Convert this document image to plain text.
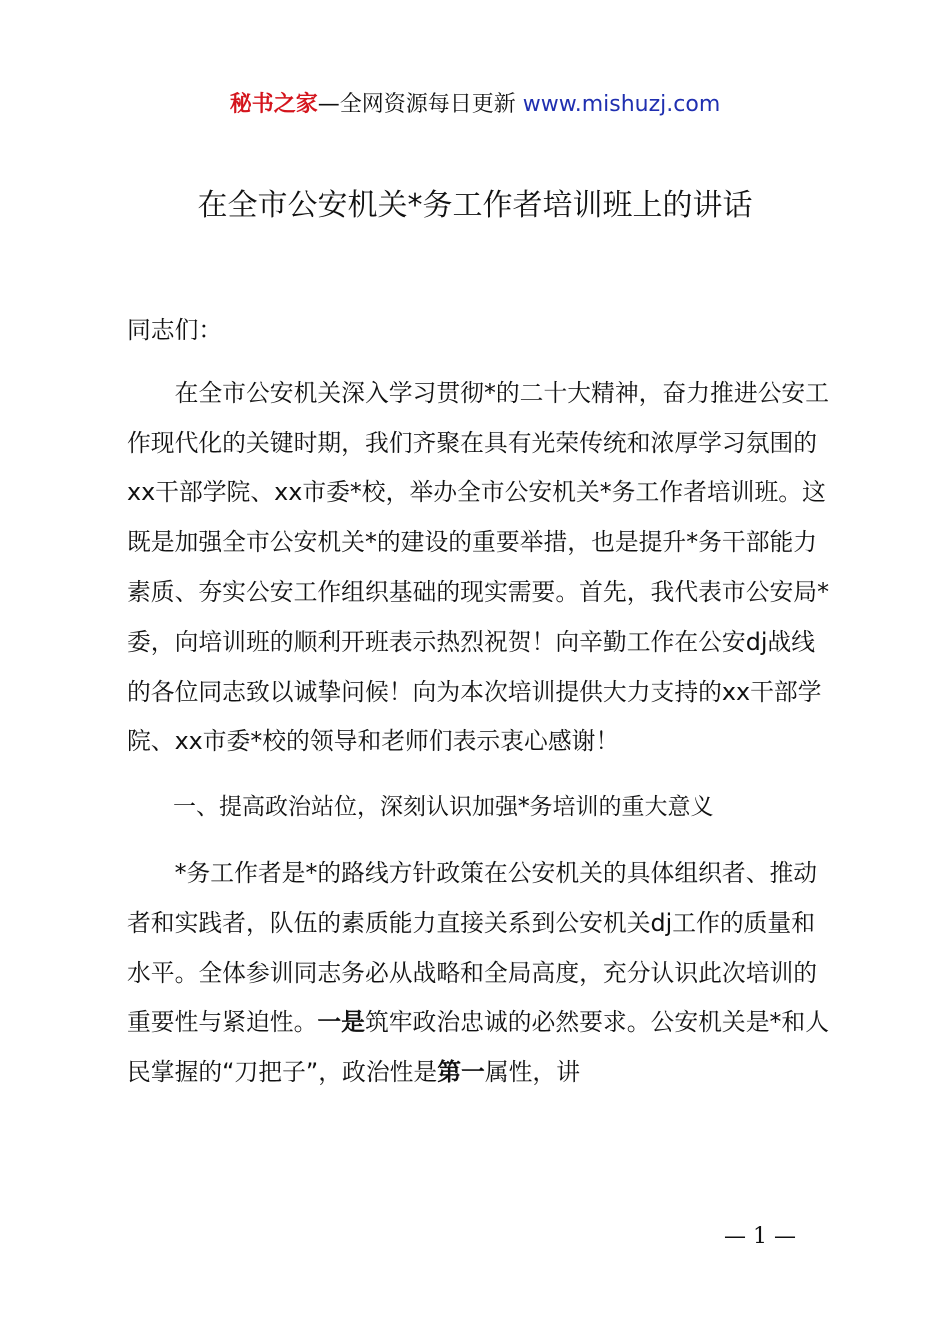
秘书之家—全网资源每日更新 www.mishuzj.com
在全市公安机关*务工作者培训班上的讲话

同志们：

在全市公安机关深入学习贯彻*的二十大精神，奋力推进公安工作现代化的关键时期，我们齐聚在具有光荣传统和浓厚学习氛围的xx干部学院、xx市委*校，举办全市公安机关*务工作者培训班。这既是加强全市公安机关*的建设的重要举措，也是提升*务干部能力素质、夯实公安工作组织基础的现实需要。首先，我代表市公安局*委，向培训班的顺利开班表示热烈祝贺！向辛勤工作在公安dj战线的各位同志致以诚挚问候！向为本次培训提供大力支持的xx干部学院、xx市委*校的领导和老师们表示衷心感谢！

一、提高政治站位，深刻认识加强*务培训的重大意义

*务工作者是*的路线方针政策在公安机关的具体组织者、推动者和实践者，队伍的素质能力直接关系到公安机关dj工作的质量和水平。全体参训同志务必从战略和全局高度，充分认识此次培训的重要性与紧迫性。一是筑牢政治忠诚的必然要求。公安机关是*和人民掌握的“刀把子”，政治性是第一属性，讲

— 1 —
